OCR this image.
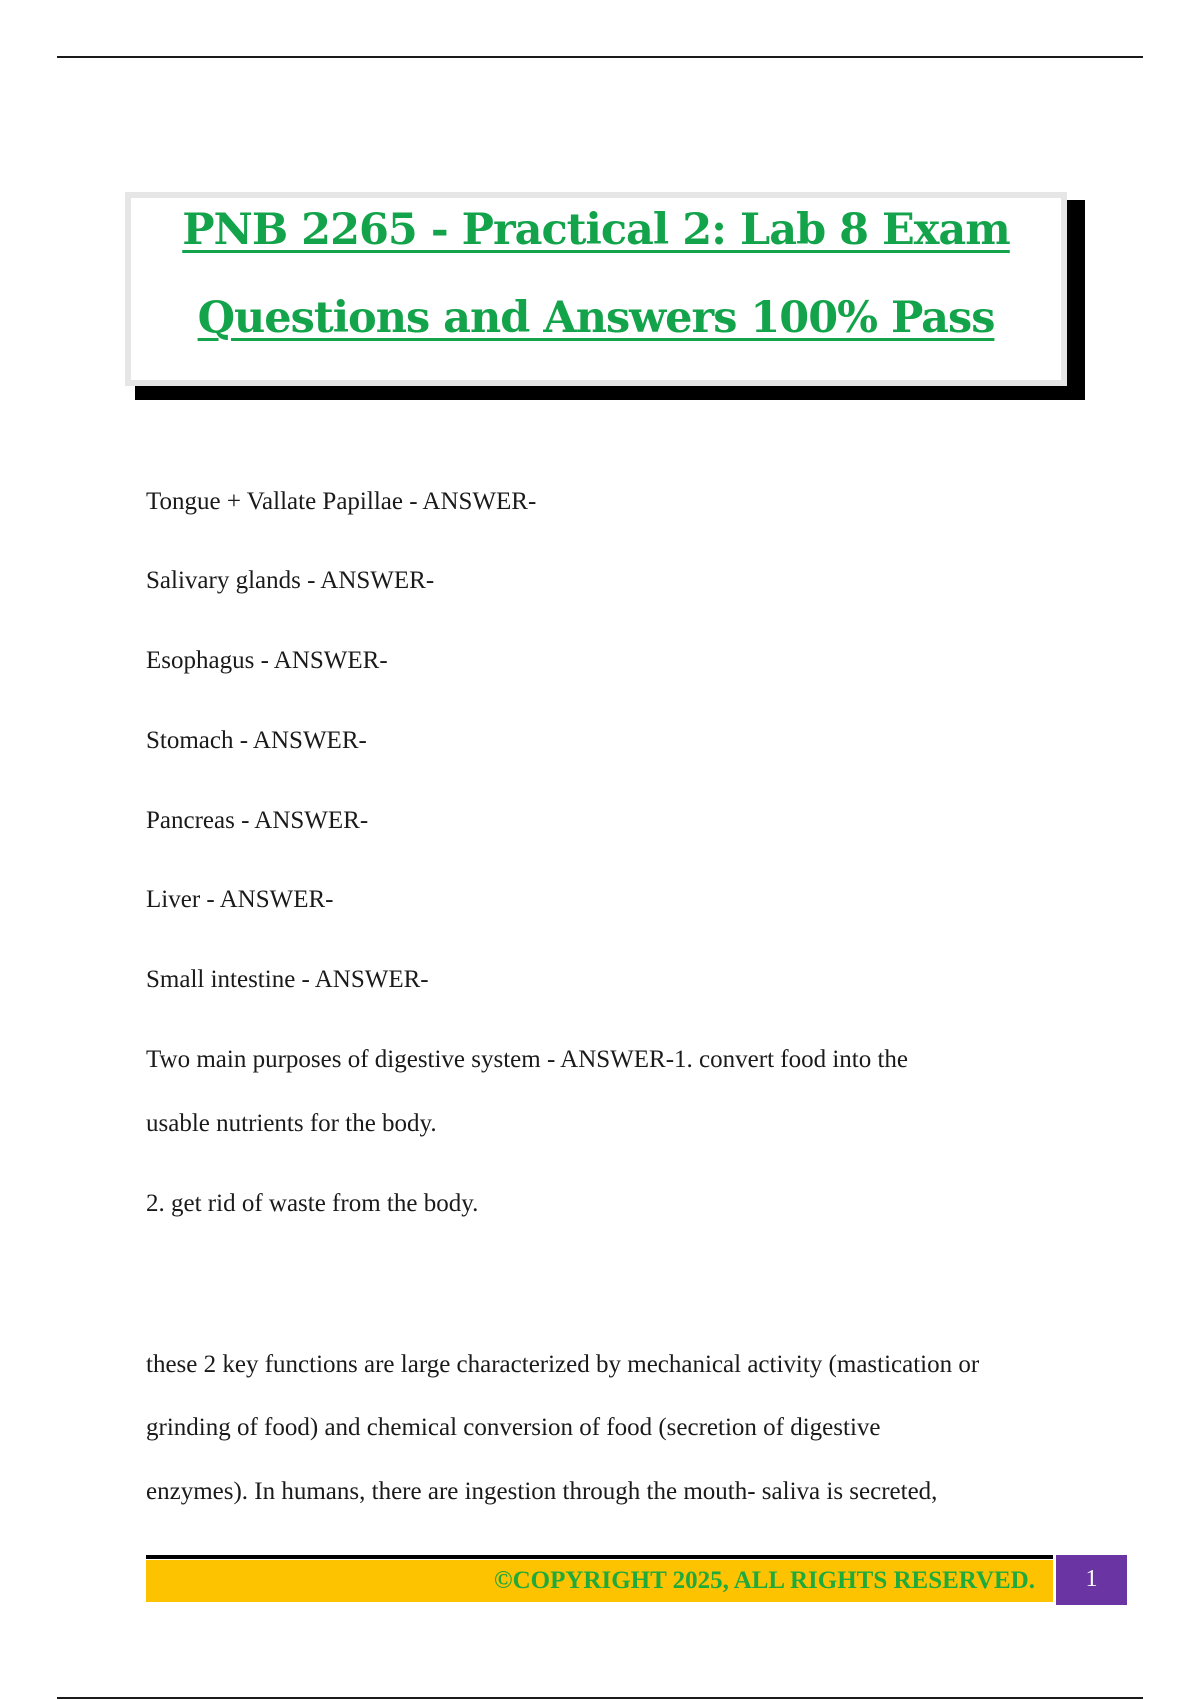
PNB 2265 - Practical 2: Lab 8 Exam
Questions and Answers 100% Pass
Tongue + Vallate Papillae - ANSWER-
Salivary glands - ANSWER-
Esophagus - ANSWER-
Stomach - ANSWER-
Pancreas - ANSWER-
Liver - ANSWER-
Small intestine - ANSWER-
Two main purposes of digestive system - ANSWER-1. convert food into the
usable nutrients for the body.
2. get rid of waste from the body.
these 2 key functions are large characterized by mechanical activity (mastication or
grinding of food) and chemical conversion of food (secretion of digestive
enzymes). In humans, there are ingestion through the mouth- saliva is secreted,
©COPYRIGHT 2025, ALL RIGHTS RESERVED.	1
